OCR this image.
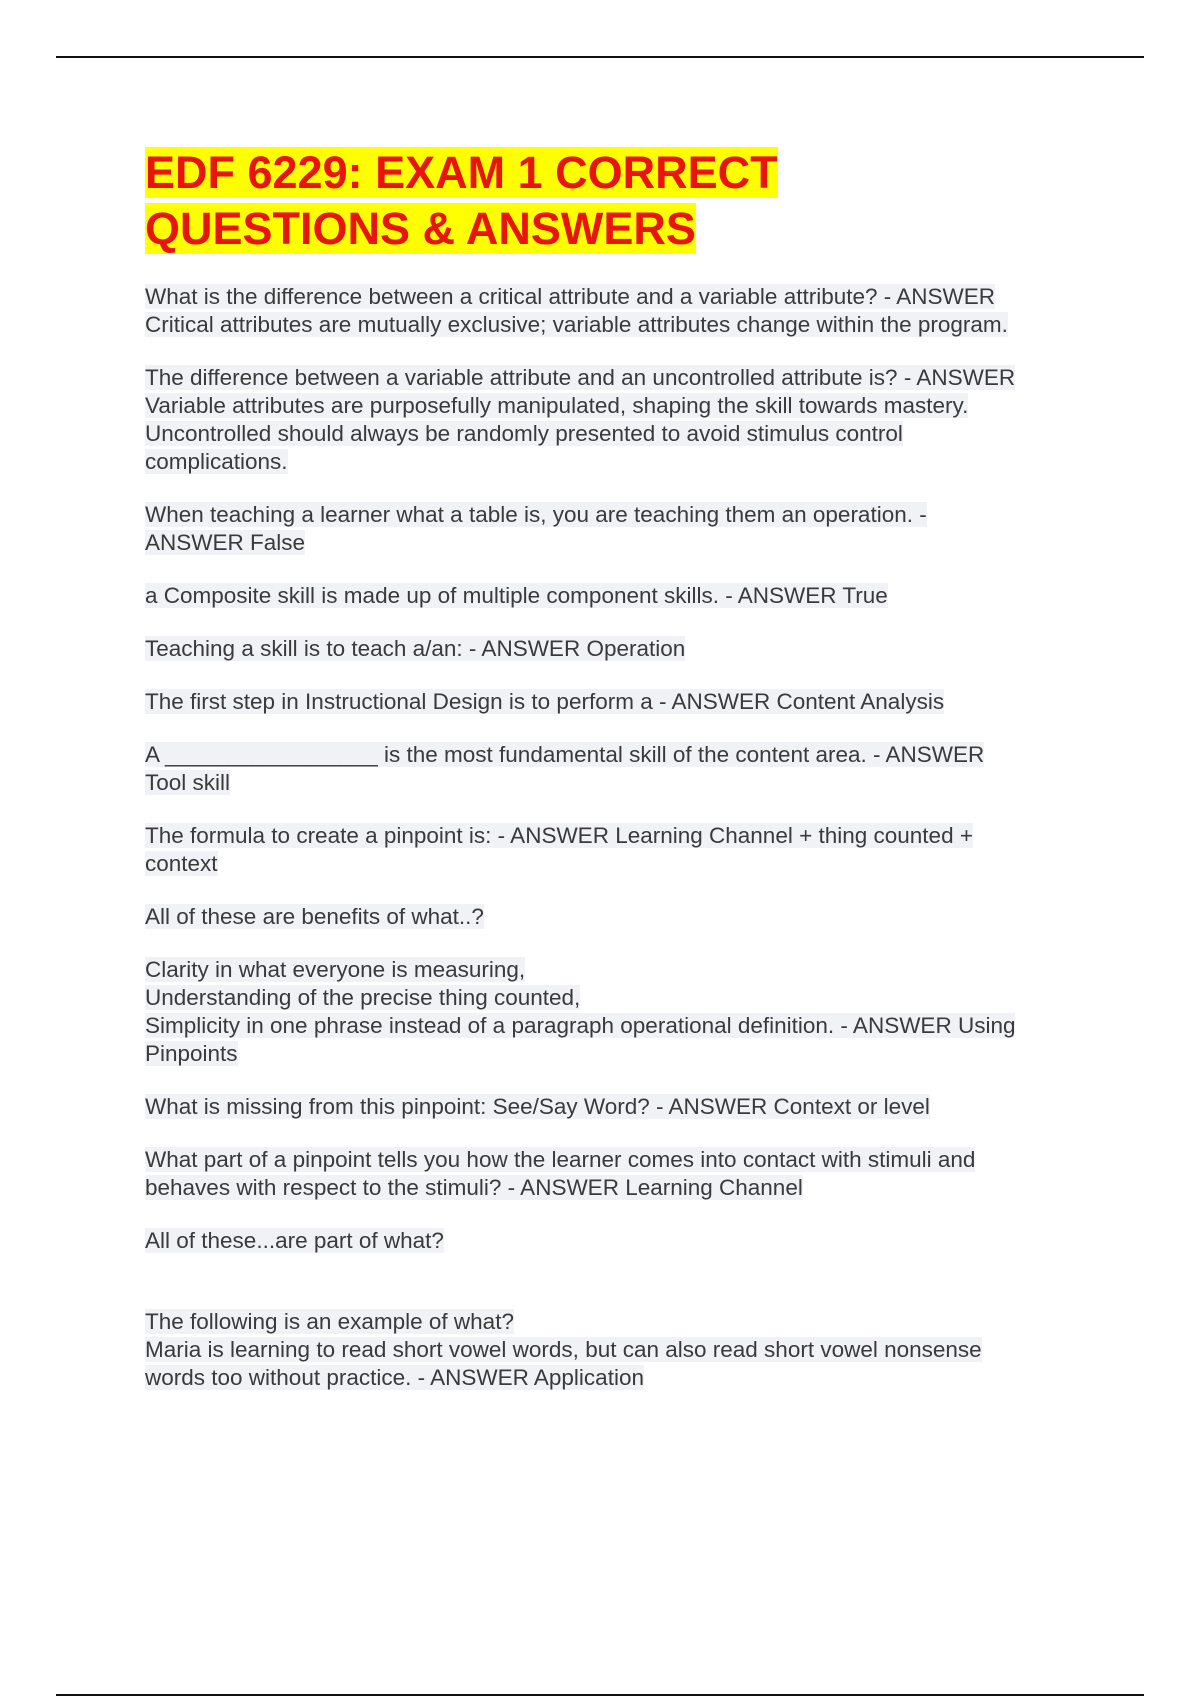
EDF 6229: EXAM 1 CORRECT
QUESTIONS & ANSWERS

What is the difference between a critical attribute and a variable attribute? - ANSWER
Critical attributes are mutually exclusive; variable attributes change within the program.

The difference between a variable attribute and an uncontrolled attribute is? - ANSWER
Variable attributes are purposefully manipulated, shaping the skill towards mastery.
Uncontrolled should always be randomly presented to avoid stimulus control
complications.

When teaching a learner what a table is, you are teaching them an operation. -
ANSWER False

a Composite skill is made up of multiple component skills. - ANSWER True

Teaching a skill is to teach a/an: - ANSWER Operation

The first step in Instructional Design is to perform a - ANSWER Content Analysis

A _________________ is the most fundamental skill of the content area. - ANSWER
Tool skill

The formula to create a pinpoint is: - ANSWER Learning Channel + thing counted +
context

All of these are benefits of what..?

Clarity in what everyone is measuring,
Understanding of the precise thing counted,
Simplicity in one phrase instead of a paragraph operational definition. - ANSWER Using
Pinpoints

What is missing from this pinpoint: See/Say Word? - ANSWER Context or level

What part of a pinpoint tells you how the learner comes into contact with stimuli and
behaves with respect to the stimuli? - ANSWER Learning Channel

All of these...are part of what?

The following is an example of what?
Maria is learning to read short vowel words, but can also read short vowel nonsense
words too without practice. - ANSWER Application
